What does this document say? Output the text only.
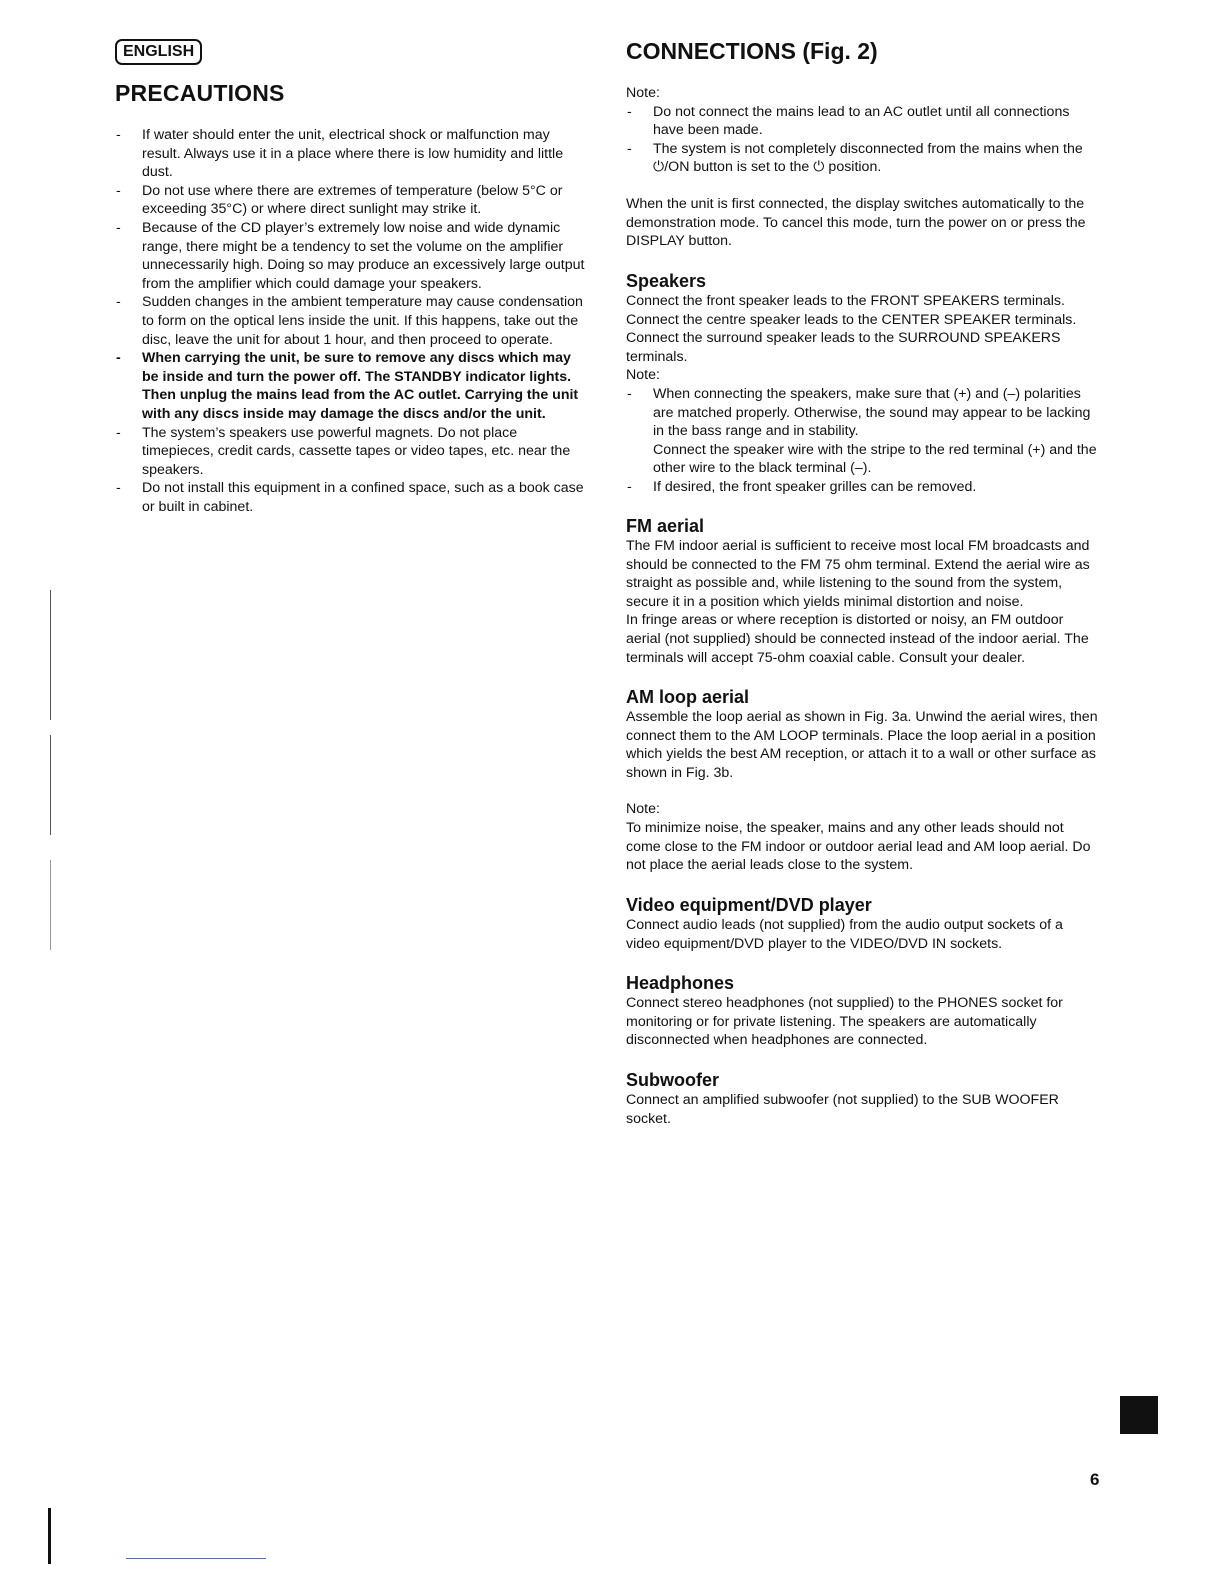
ENGLISH
PRECAUTIONS
CONNECTIONS (Fig. 2)
- If water should enter the unit, electrical shock or malfunction may result. Always use it in a place where there is low humidity and little dust.
- Do not use where there are extremes of temperature (below 5°C or exceeding 35°C) or where direct sunlight may strike it.
- Because of the CD player’s extremely low noise and wide dynamic range, there might be a tendency to set the volume on the amplifier unnecessarily high. Doing so may produce an excessively large output from the amplifier which could damage your speakers.
- Sudden changes in the ambient temperature may cause condensation to form on the optical lens inside the unit. If this happens, take out the disc, leave the unit for about 1 hour, and then proceed to operate.
- When carrying the unit, be sure to remove any discs which may be inside and turn the power off. The STANDBY indicator lights. Then unplug the mains lead from the AC outlet. Carrying the unit with any discs inside may damage the discs and/or the unit.
- The system’s speakers use powerful magnets. Do not place timepieces, credit cards, cassette tapes or video tapes, etc. near the speakers.
- Do not install this equipment in a confined space, such as a book case or built in cabinet.

Note:

- Do not connect the mains lead to an AC outlet until all connections have been made.
- The system is not completely disconnected from the mains when the ⏻/ON button is set to the ⏻ position.

When the unit is first connected, the display switches automatically to the demonstration mode. To cancel this mode, turn the power on or press the DISPLAY button.

Speakers

Connect the front speaker leads to the FRONT SPEAKERS terminals.

Connect the centre speaker leads to the CENTER SPEAKER terminals.

Connect the surround speaker leads to the SURROUND SPEAKERS terminals.

Note:

- When connecting the speakers, make sure that (+) and (–) polarities are matched properly. Otherwise, the sound may appear to be lacking in the bass range and in stability.
Connect the speaker wire with the stripe to the red terminal (+) and the other wire to the black terminal (–).
- If desired, the front speaker grilles can be removed.
FM aerial

The FM indoor aerial is sufficient to receive most local FM broadcasts and should be connected to the FM 75 ohm terminal. Extend the aerial wire as straight as possible and, while listening to the sound from the system, secure it in a position which yields minimal distortion and noise.

In fringe areas or where reception is distorted or noisy, an FM outdoor aerial (not supplied) should be connected instead of the indoor aerial. The terminals will accept 75-ohm coaxial cable. Consult your dealer.

AM loop aerial

Assemble the loop aerial as shown in Fig. 3a. Unwind the aerial wires, then connect them to the AM LOOP terminals. Place the loop aerial in a position which yields the best AM reception, or attach it to a wall or other surface as shown in Fig. 3b.

Note:

To minimize noise, the speaker, mains and any other leads should not come close to the FM indoor or outdoor aerial lead and AM loop aerial. Do not place the aerial leads close to the system.

Video equipment/DVD player

Connect audio leads (not supplied) from the audio output sockets of a video equipment/DVD player to the VIDEO/DVD IN sockets.

Headphones

Connect stereo headphones (not supplied) to the PHONES socket for monitoring or for private listening. The speakers are automatically disconnected when headphones are connected.

Subwoofer

Connect an amplified subwoofer (not supplied) to the SUB WOOFER socket.

6
